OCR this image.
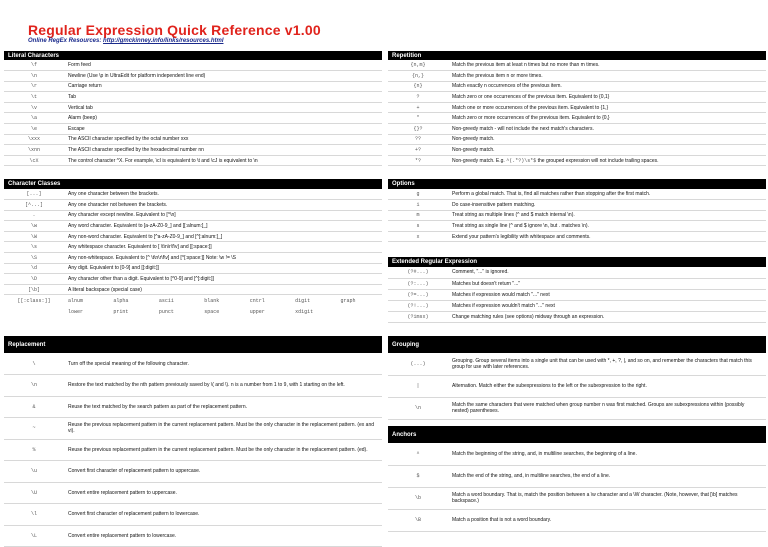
Regular Expression Quick Reference v1.00
Online RegEx Resources: http://gmckinney.info/links/resources.html
Literal Characters
\f	Form feed
\n	Newline (Use \p in UltraEdit for platform independent line end)
\r	Carriage return
\t	Tab
\v	Vertical tab
\a	Alarm (beep)
\e	Escape
\xxx	The ASCII character specified by the octal number xxx
\xnn	The ASCII character specified by the hexadecimal number nn
\cX	The control character ^X. For example, \cI is equivalent to \t and \cJ is equivalent to \n
Character Classes
[...]	Any one character between the brackets.
[^...]	Any one character not between the brackets.
.	Any character except newline. Equivalent to [^\n]
\w	Any word character. Equivalent to [a-zA-Z0-9_] and [[:alnum:]_]
\W	Any non-word character. Equivalent to [^a-zA-Z0-9_] and [^[:alnum:]_]
\s	Any whitespace character. Equivalent to [ \t\n\r\f\v] and [[:space:]]
\S	Any non-whitespace. Equivalent to [^ \t\n\r\f\v] and [^[:space:]] Note: \w != \S
\d	Any digit. Equivalent to [0-9] and [[:digit:]]
\D	Any character other than a digit. Equivalent to [^0-9] and [^[:digit:]]
[\b]	A literal backspace (special case)
[[:class:]]	alnum	alpha	ascii	blank	cntrl	digit	graph
	lower	print	punct	space	upper	xdigit	
Replacement
\	Turn off the special meaning of the following character.
\n	Restore the text matched by the nth pattern previously saved by \( and \). n is a number from 1 to 9, with 1 starting on the left.
&	Reuse the text matched by the search pattern as part of the replacement pattern.
~	Reuse the previous replacement pattern in the current replacement pattern. Must be the only character in the replacement pattern. (ex and vi).
%	Reuse the previous replacement pattern in the current replacement pattern. Must be the only character in the replacement pattern. (ed).
\u	Convert first character of replacement pattern to uppercase.
\U	Convert entire replacement pattern to uppercase.
\l	Convert first character of replacement pattern to lowercase.
\L	Convert entire replacement pattern to lowercase.
Repetition
{n,m}	Match the previous item at least n times but no more than m times.
{n,}	Match the previous item n or more times.
{n}	Match exactly n occurrences of the previous item.
?	Match zero or one occurrences of the previous item. Equivalent to {0,1}
+	Match one or more occurrences of the previous item. Equivalent to {1,}
*	Match zero or more occurrences of the previous item. Equivalent to {0,}
{}?	Non-greedy match - will not include the next match's characters.
??	Non-greedy match.
+?	Non-greedy match.
*?	Non-greedy match. E.g. ^(.*?)\s*$ the grouped expression will not include trailing spaces.
Options
g	Perform a global match. That is, find all matches rather than stopping after the first match.
i	Do case-insensitive pattern matching.
m	Treat string as multiple lines (^ and $ match internal \n).
s	Treat string as single line (^ and $ ignore \n, but . matches \n).
x	Extend your pattern's legibility with whitespace and comments.
Extended Regular Expression
(?#...)	Comment, "..." is ignored.
(?:...)	Matches but doesn't return "..."
(?=...)	Matches if expression would match "..." next
(?!...)	Matches if expression wouldn't match "..." next
(?imsx)	Change matching rules (see options) midway through an expression.
Grouping
(...)	Grouping. Group several items into a single unit that can be used with *, +, ?, |, and so on, and remember the characters that match this group for use with later references.
|	Alternation. Match either the subexpressions to the left or the subexpression to the right.
\n	Match the same characters that were matched when group number n was first matched. Groups are subexpressions within (possibly nested) parentheses.
Anchors
^	Match the beginning of the string, and, in multiline searches, the beginning of a line.
$	Match the end of the string, and, in multiline searches, the end of a line.
\b	Match a word boundary. That is, match the position between a \w character and a \W character. (Note, however, that [\b] matches backspace.)
\B	Match a position that is not a word boundary.
